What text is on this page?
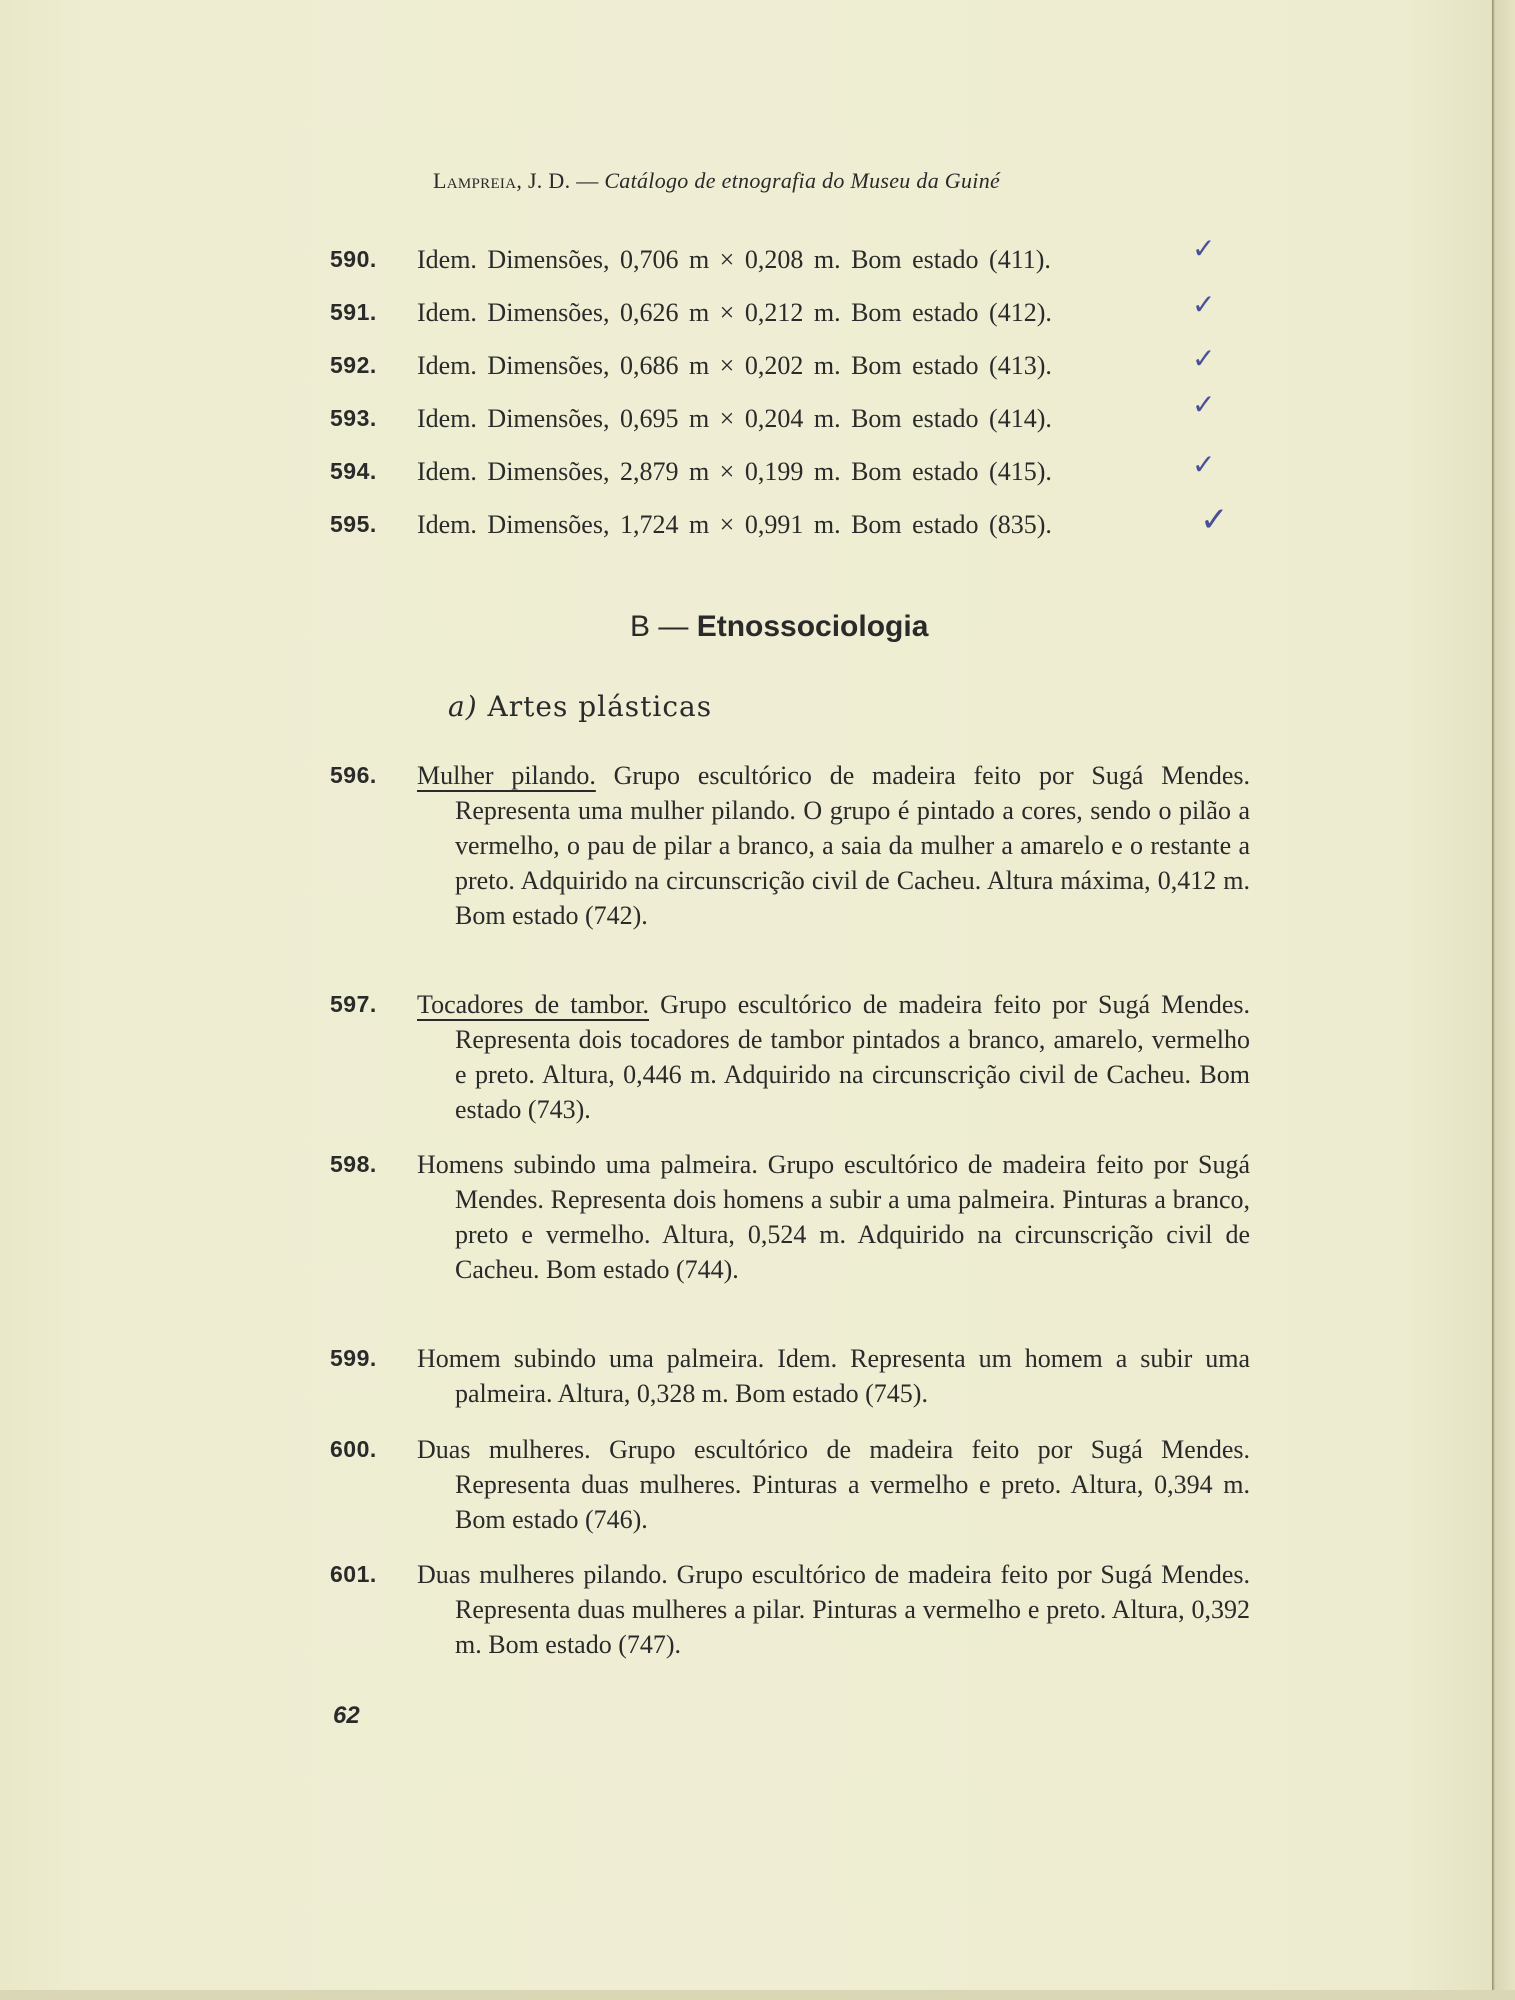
Lampreia, J. D. — Catálogo de etnografia do Museu da Guiné
590.	Idem. Dimensões, 0,706 m × 0,208 m. Bom estado (411).
591.	Idem. Dimensões, 0,626 m × 0,212 m. Bom estado (412).
592.	Idem. Dimensões, 0,686 m × 0,202 m. Bom estado (413).
593.	Idem. Dimensões, 0,695 m × 0,204 m. Bom estado (414).
594.	Idem. Dimensões, 2,879 m × 0,199 m. Bom estado (415).
595.	Idem. Dimensões, 1,724 m × 0,991 m. Bom estado (835).
✓
✓
✓
✓
✓
✓
B — Etnossociologia
a) Artes plásticas
596.	Mulher pilando. Grupo escultórico de madeira feito por Sugá Mendes. Representa uma mulher pilando. O grupo é pintado a cores, sendo o pilão a vermelho, o pau de pilar a branco, a saia da mulher a amarelo e o restante a preto. Adquirido na circunscrição civil de Cacheu. Altura máxima, 0,412 m. Bom estado (742).
597.	Tocadores de tambor. Grupo escultórico de madeira feito por Sugá Mendes. Representa dois tocadores de tambor pintados a branco, amarelo, vermelho e preto. Altura, 0,446 m. Adquirido na circunscrição civil de Cacheu. Bom estado (743).
598.	Homens subindo uma palmeira. Grupo escultórico de madeira feito por Sugá Mendes. Representa dois homens a subir a uma palmeira. Pinturas a branco, preto e vermelho. Altura, 0,524 m. Adquirido na circunscrição civil de Cacheu. Bom estado (744).
599.	Homem subindo uma palmeira. Idem. Representa um homem a subir uma palmeira. Altura, 0,328 m. Bom estado (745).
600.	Duas mulheres. Grupo escultórico de madeira feito por Sugá Mendes. Representa duas mulheres. Pinturas a vermelho e preto. Altura, 0,394 m. Bom estado (746).
601.	Duas mulheres pilando. Grupo escultórico de madeira feito por Sugá Mendes. Representa duas mulheres a pilar. Pinturas a vermelho e preto. Altura, 0,392 m. Bom estado (747).
62
